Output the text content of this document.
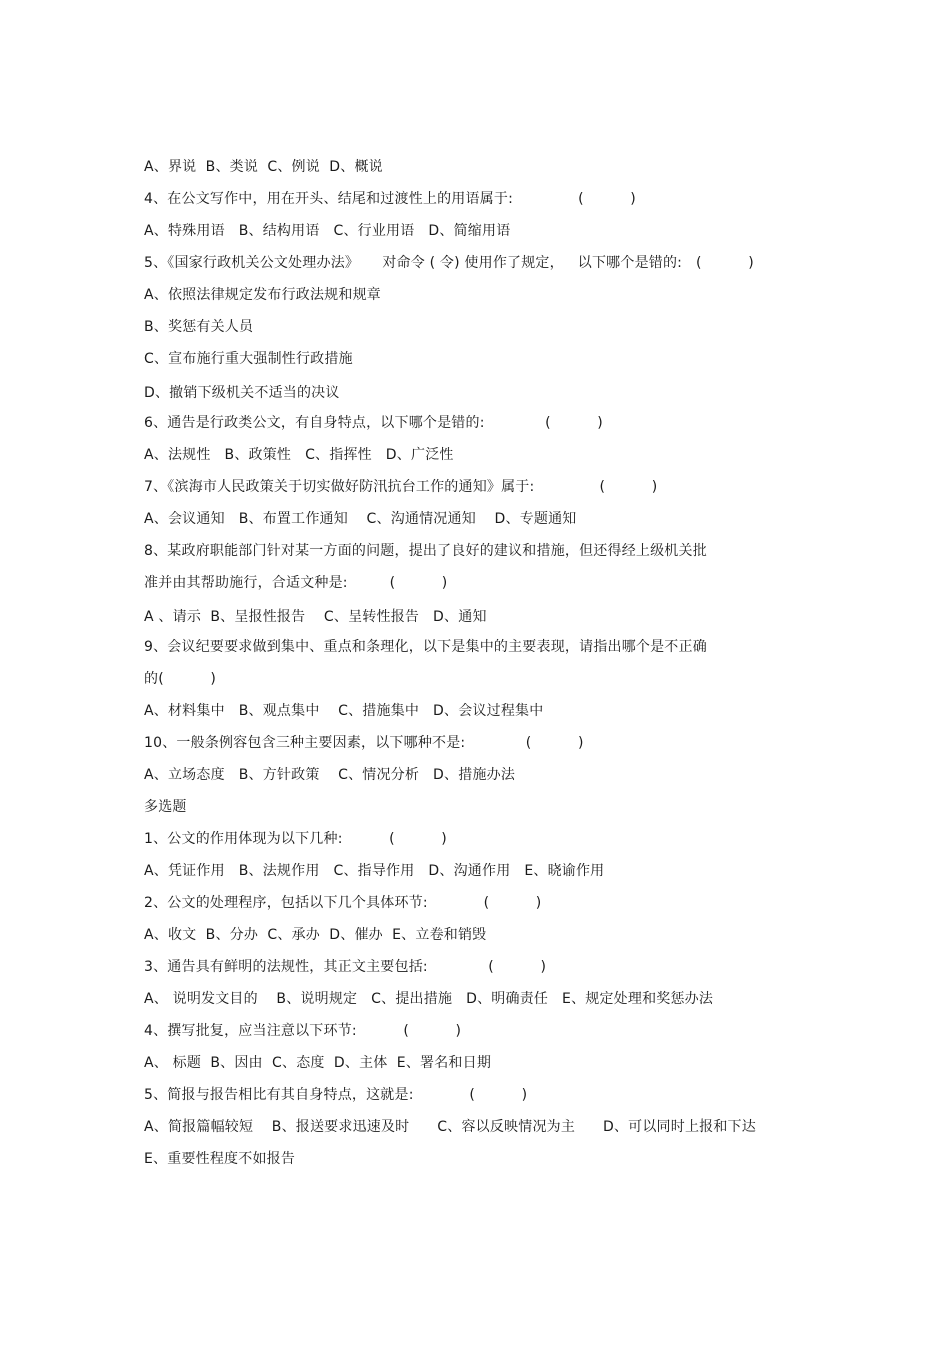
A、界说  B、类说  C、例说  D、概说
4、在公文写作中，用在开头、结尾和过渡性上的用语属于:              (          )
A、特殊用语   B、结构用语   C、行业用语   D、简缩用语
5、《国家行政机关公文处理办法》     对命令 ( 令) 使用作了规定，   以下哪个是错的:   (          )
A、依照法律规定发布行政法规和规章
B、奖惩有关人员
C、宣布施行重大强制性行政措施
D、撤销下级机关不适当的决议
6、通告是行政类公文，有自身特点，以下哪个是错的:             (          )
A、法规性   B、政策性   C、指挥性   D、广泛性
7、《滨海市人民政策关于切实做好防汛抗台工作的通知》属于:              (          )
A、会议通知   B、布置工作通知    C、沟通情况通知    D、专题通知
8、某政府职能部门针对某一方面的问题，提出了良好的建议和措施，但还得经上级机关批
准并由其帮助施行，合适文种是:         (          )
A 、请示  B、呈报性报告    C、呈转性报告   D、通知
9、会议纪要要求做到集中、重点和条理化，以下是集中的主要表现，请指出哪个是不正确
的(          )
A、材料集中   B、观点集中    C、措施集中   D、会议过程集中
10、一般条例容包含三种主要因素，以下哪种不是:             (          )
A、立场态度   B、方针政策    C、情况分析   D、措施办法
多选题
1、公文的作用体现为以下几种:          (          )
A、凭证作用   B、法规作用   C、指导作用   D、沟通作用   E、晓谕作用
2、公文的处理程序，包括以下几个具体环节:            (          )
A、收文  B、分办  C、承办  D、催办  E、立卷和销毁
3、通告具有鲜明的法规性，其正文主要包括:             (          )
A、 说明发文目的    B、说明规定   C、提出措施   D、明确责任   E、规定处理和奖惩办法
4、撰写批复，应当注意以下环节:          (          )
A、 标题  B、因由  C、态度  D、主体  E、署名和日期
5、简报与报告相比有其自身特点，这就是:            (          )
A、简报篇幅较短    B、报送要求迅速及时      C、容以反映情况为主      D、可以同时上报和下达
E、重要性程度不如报告
